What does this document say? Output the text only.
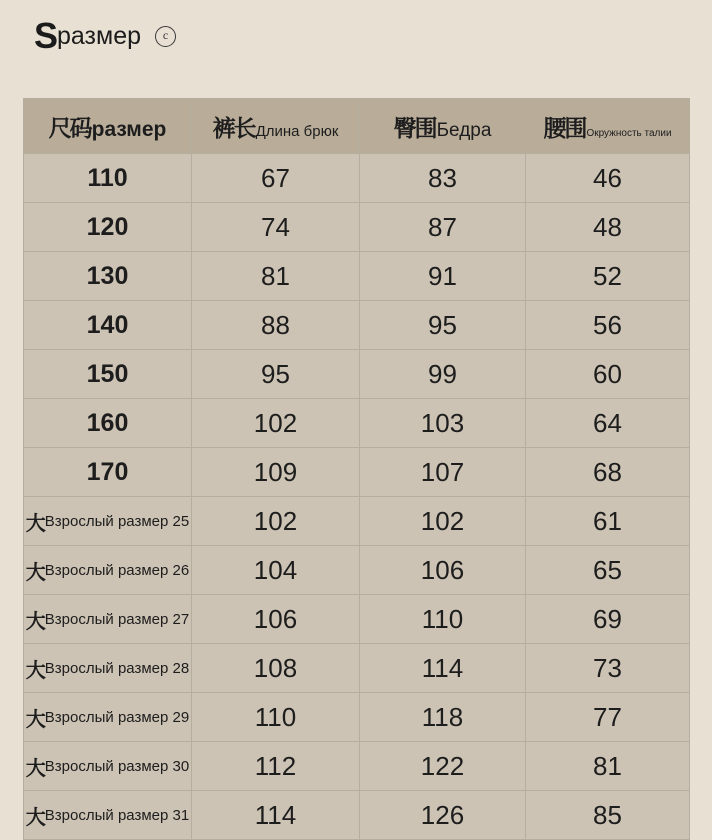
S размер	c
尺码 размер	裤长 Длина брюк	臀围 Бедра	腰围 Окружность талии

110	67	83	46

120	74	87	48

130	81	91	52

140	88	95	56

150	95	99	60

160	102	103	64

170	109	107	68

大 Взрослый размер 25	102	102	61

大 Взрослый размер 26	104	106	65

大 Взрослый размер 27	106	110	69

大 Взрослый размер 28	108	114	73

大 Взрослый размер 29	110	118	77

大 Взрослый размер 30	112	122	81

大 Взрослый размер 31	114	126	85
